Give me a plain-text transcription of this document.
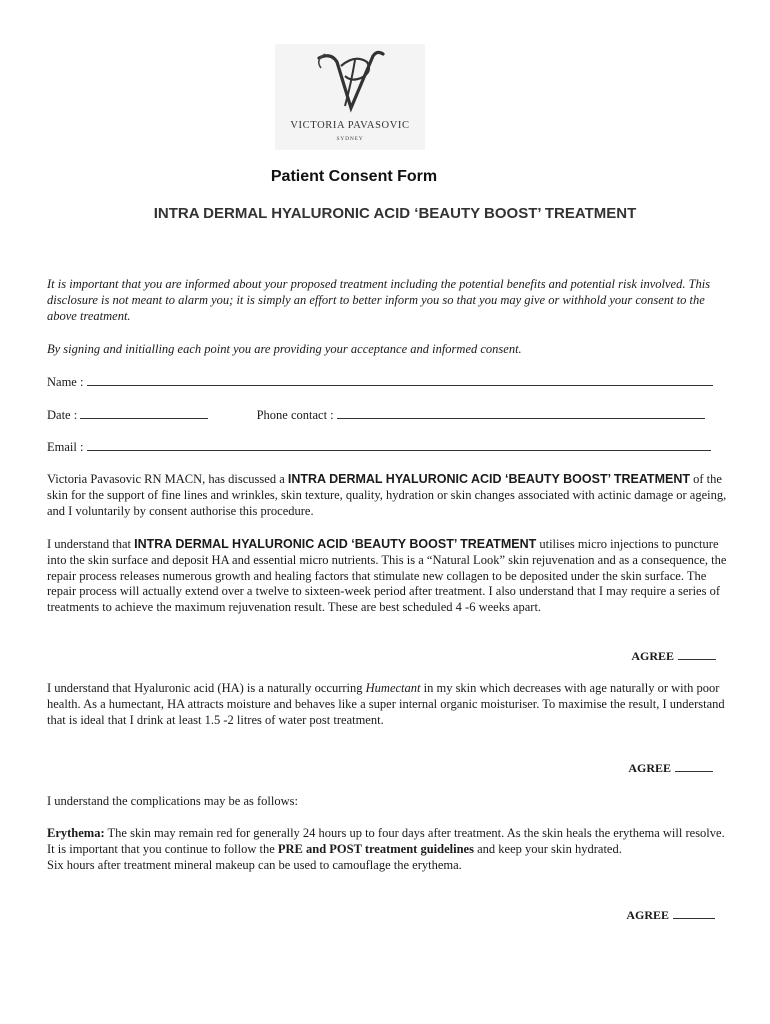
VICTORIA PAVASOVIC
SYDNEY
Patient Consent Form
INTRA DERMAL HYALURONIC ACID ‘BEAUTY BOOST’ TREATMENT
It is important that you are informed about your proposed treatment including the potential benefits and potential risk involved. This disclosure is not meant to alarm you; it is simply an effort to better inform you so that you may give or withhold your consent to the above treatment.
By signing and initialling each point you are providing your acceptance and informed consent.
Name :
Date :	Phone contact :
Email :
Victoria Pavasovic RN MACN, has discussed a INTRA DERMAL HYALURONIC ACID ‘BEAUTY BOOST’ TREATMENT of the skin for the support of fine lines and wrinkles, skin texture, quality, hydration or skin changes associated with actinic damage or ageing, and I voluntarily by consent authorise this procedure.
I understand that INTRA DERMAL HYALURONIC ACID ‘BEAUTY BOOST’ TREATMENT utilises micro injections to puncture into the skin surface and deposit HA and essential micro nutrients. This is a “Natural Look” skin rejuvenation and as a consequence, the repair process releases numerous growth and healing factors that stimulate new collagen to be deposited under the skin surface. The repair process will actually extend over a twelve to sixteen-week period after treatment. I also understand that I may require a series of treatments to achieve the maximum rejuvenation result. These are best scheduled 4 -6 weeks apart.
AGREE
I understand that Hyaluronic acid (HA) is a naturally occurring Humectant in my skin which decreases with age naturally or with poor health. As a humectant, HA attracts moisture and behaves like a super internal organic moisturiser. To maximise the result, I understand that is ideal that I drink at least 1.5 -2 litres of water post treatment.
AGREE
I understand the complications may be as follows:
Erythema: The skin may remain red for generally 24 hours up to four days after treatment. As the skin heals the erythema will resolve. It is important that you continue to follow the PRE and POST treatment guidelines and keep your skin hydrated.
Six hours after treatment mineral makeup can be used to camouflage the erythema.
AGREE
